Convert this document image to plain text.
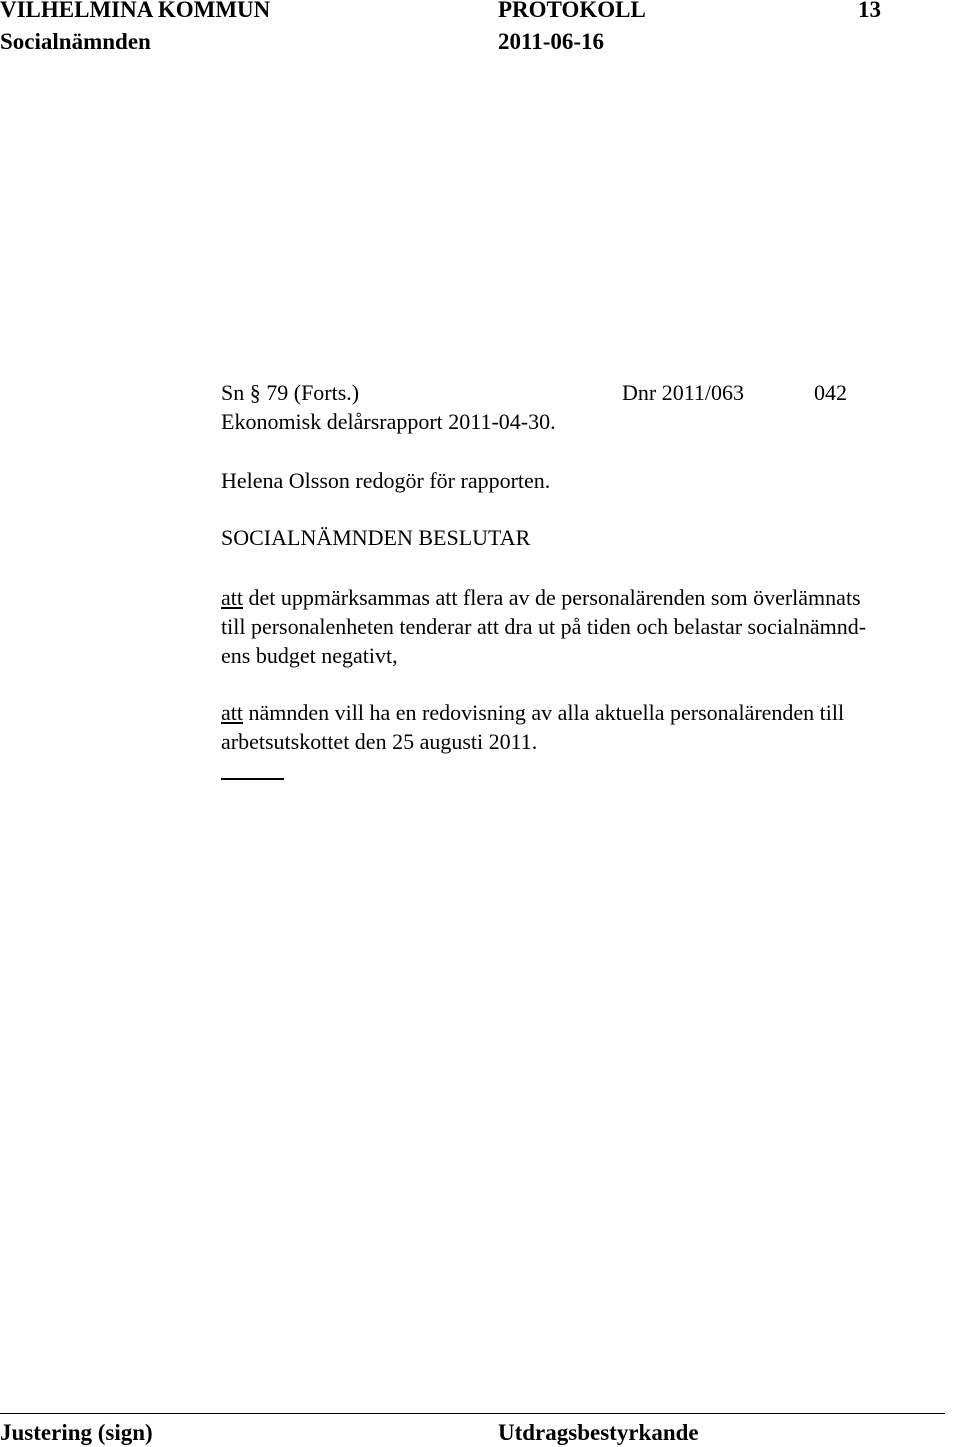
VILHELMINA KOMMUN	PROTOKOLL	13
Socialnämnden	2011-06-16
Sn § 79 (Forts.)	Dnr 2011/063	042
Ekonomisk delårsrapport 2011-04-30.
Helena Olsson redogör för rapporten.
SOCIALNÄMNDEN BESLUTAR
att det uppmärksammas att flera av de personalärenden som överlämnats
till personalenheten tenderar att dra ut på tiden och belastar socialnämnd-
ens budget negativt,
att nämnden vill ha en redovisning av alla aktuella personalärenden till
arbetsutskottet den 25 augusti 2011.
Justering (sign)	Utdragsbestyrkande
